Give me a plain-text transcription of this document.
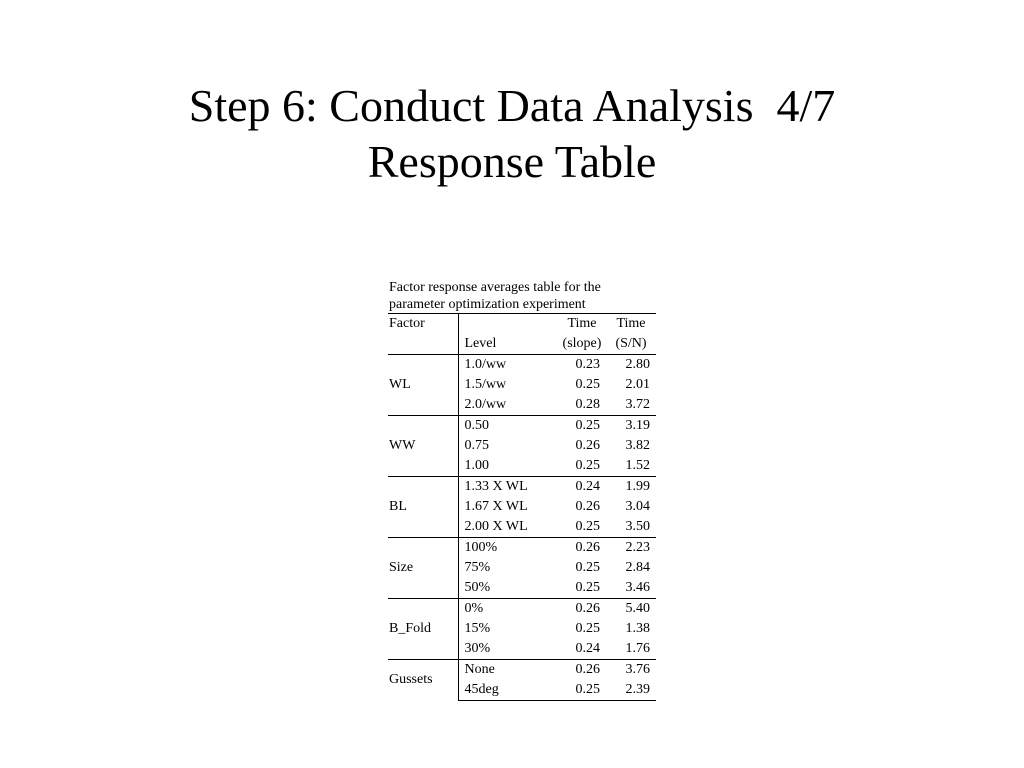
Step 6: Conduct Data Analysis  4/7
Response Table
Factor response averages table for the
parameter optimization experiment
Factor		Time	Time
	Level	(slope)	(S/N)
WL	1.0/ww	0.23	2.80
	1.5/ww	0.25	2.01
	2.0/ww	0.28	3.72
WW	0.50	0.25	3.19
	0.75	0.26	3.82
	1.00	0.25	1.52
BL	1.33 X WL	0.24	1.99
	1.67 X WL	0.26	3.04
	2.00 X WL	0.25	3.50
Size	100%	0.26	2.23
	75%	0.25	2.84
	50%	0.25	3.46
B_Fold	0%	0.26	5.40
	15%	0.25	1.38
	30%	0.24	1.76
Gussets	None	0.26	3.76
	45deg	0.25	2.39
